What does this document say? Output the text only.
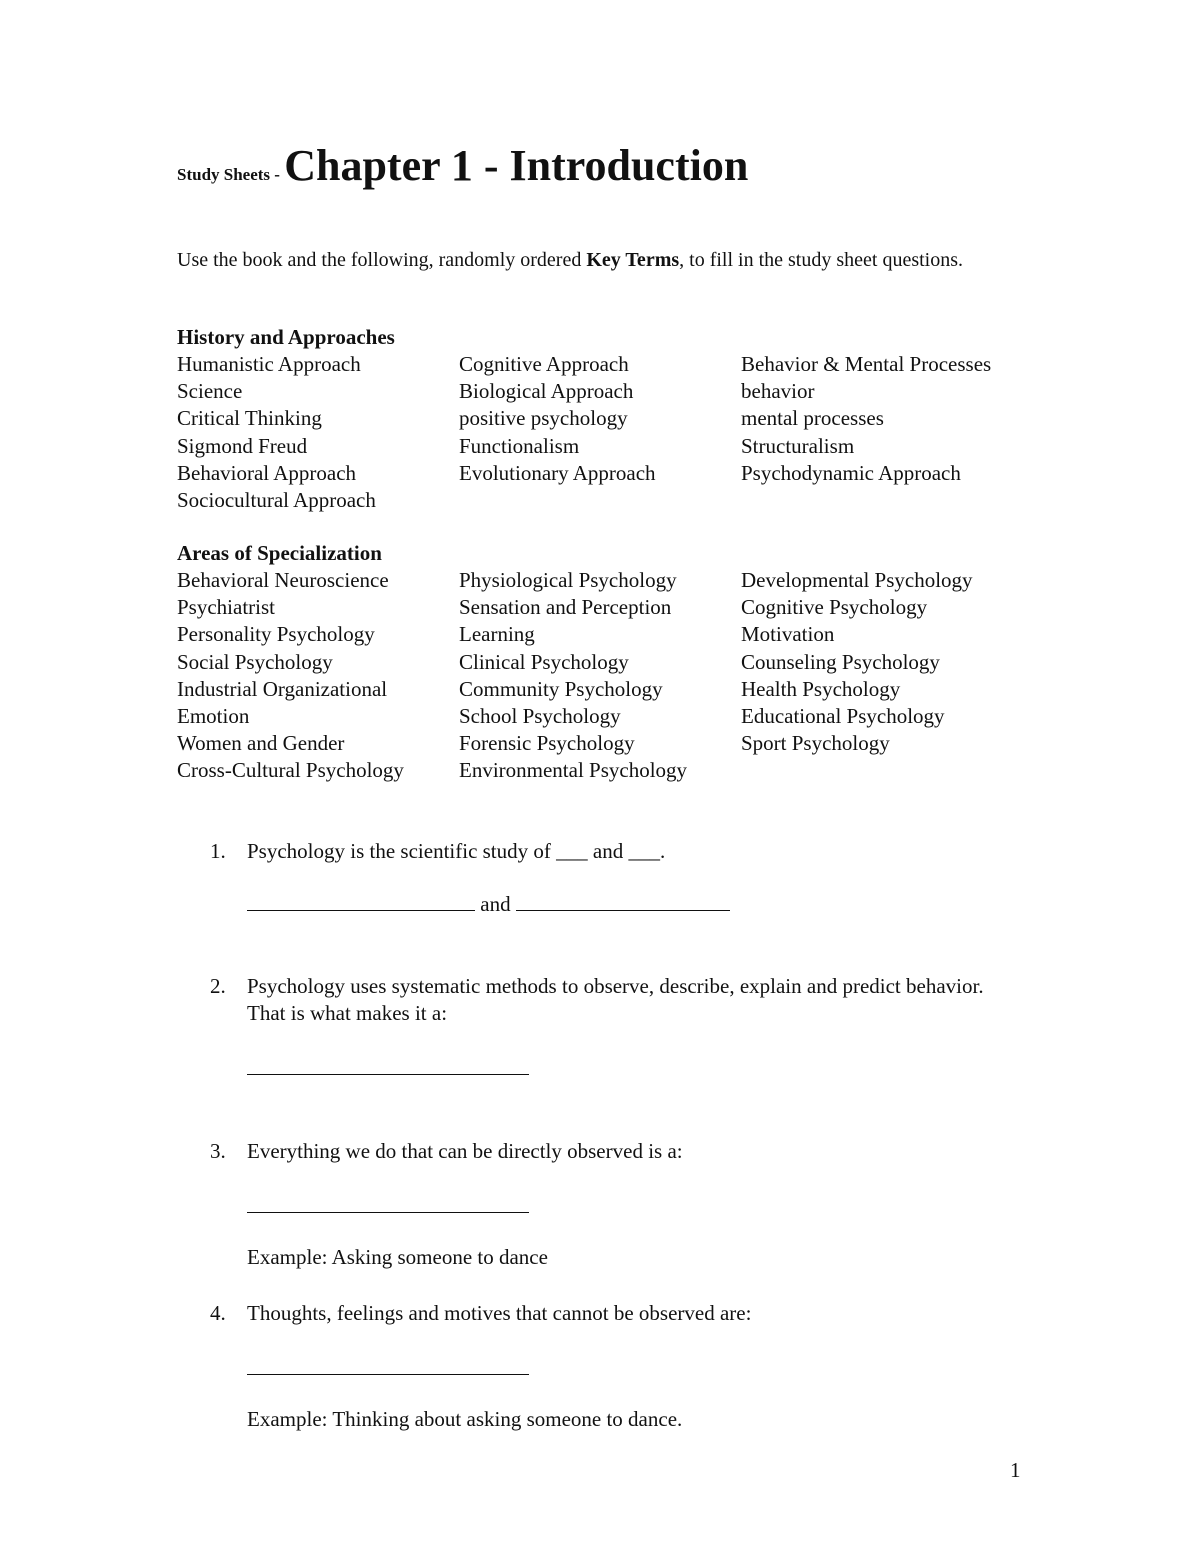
Study Sheets - Chapter 1 - Introduction
Use the book and the following, randomly ordered Key Terms, to fill in the study sheet questions.
History and Approaches
Humanistic Approach	Cognitive Approach	Behavior & Mental Processes
Science	Biological Approach	behavior
Critical Thinking	positive psychology	mental processes
Sigmond Freud	Functionalism	Structuralism
Behavioral Approach	Evolutionary Approach	Psychodynamic Approach
Sociocultural Approach
Areas of Specialization
Behavioral Neuroscience	Physiological Psychology	Developmental Psychology
Psychiatrist	Sensation and Perception	Cognitive Psychology
Personality Psychology	Learning	Motivation
Social Psychology	Clinical Psychology	Counseling Psychology
Industrial Organizational	Community Psychology	Health Psychology
Emotion	School Psychology	Educational Psychology
Women and Gender	Forensic Psychology	Sport Psychology
Cross-Cultural Psychology	Environmental Psychology
1. Psychology is the scientific study of ___ and ___.
and
2. Psychology uses systematic methods to observe, describe, explain and predict behavior. That is what makes it a:
3. Everything we do that can be directly observed is a:
Example: Asking someone to dance
4. Thoughts, feelings and motives that cannot be observed are:
Example: Thinking about asking someone to dance.
1
